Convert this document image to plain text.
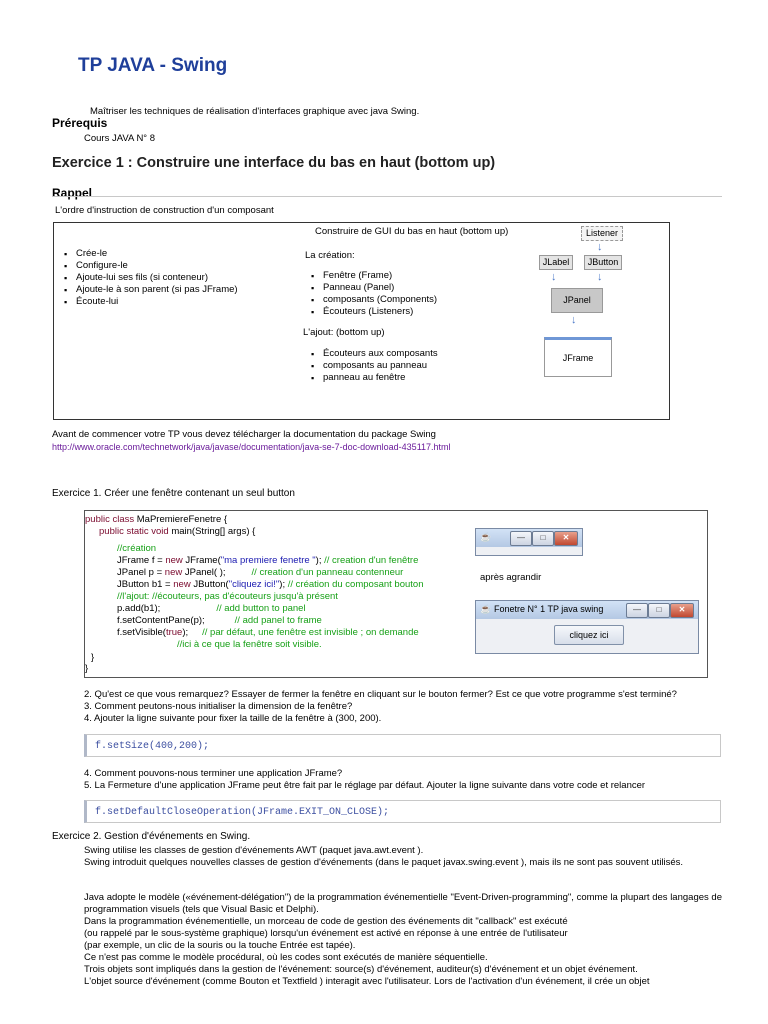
TP JAVA - Swing
Maîtriser les techniques de réalisation d'interfaces graphique avec java Swing.
Prérequis
Cours JAVA N° 8
Exercice 1 : Construire une interface du bas en haut (bottom up)
Rappel
L'ordre d'instruction de construction d'un composant
Construire de GUI du bas en haut (bottom up)
▪ Crée-le
▪ Configure-le
▪ Ajoute-lui ses fils (si conteneur)
▪ Ajoute-le à son parent (si pas JFrame)
▪ Écoute-lui
La création:
▪ Fenêtre (Frame)
▪ Panneau (Panel)
▪ composants (Components)
▪ Écouteurs (Listeners)
L'ajout: (bottom up)
▪ Écouteurs aux composants
▪ composants au panneau
▪ panneau au fenêtre
Listener
↓
JLabel	JButton
↓	↓
JPanel
↓
JFrame
Avant de commencer votre TP vous devez télécharger la documentation du package Swing
http://www.oracle.com/technetwork/java/javase/documentation/java-se-7-doc-download-435117.html
Exercice 1. Créer une fenêtre contenant un seul button
public class MaPremiereFenetre {
public static void main(String[] args) {
//création
JFrame f = new JFrame("ma premiere fenetre "); // creation d'un fenêtre
JPanel p = new JPanel( );	// creation d'un panneau contenneur
JButton b1 = new JButton("cliquez ici!"); // création du composant bouton
//l'ajout: //écouteurs, pas d'écouteurs jusqu'à présent
p.add(b1);	// add button to panel
f.setContentPane(p);	// add panel to frame
f.setVisible(true); // par défaut, une fenêtre est invisible ; on demande
//ici à ce que la fenêtre soit visible.
}
}
☕	—	□	✕
après agrandir
☕ Fonetre N° 1 TP java swing	—	□	✕
cliquez ici
2. Qu'est ce que vous remarquez? Essayer de fermer la fenêtre en cliquant sur le bouton fermer? Est ce que votre programme s'est terminé?
3. Comment peutons-nous initialiser la dimension de la fenêtre?
4. Ajouter la ligne suivante pour fixer la taille de la fenêtre à (300, 200).
f.setSize(400,200);
4. Comment pouvons-nous terminer une application JFrame?
5. La Fermeture d'une application JFrame peut être fait par le réglage par défaut. Ajouter la ligne suivante dans votre code et relancer
f.setDefaultCloseOperation(JFrame.EXIT_ON_CLOSE);
Exercice 2. Gestion d'événements en Swing.
Swing utilise les classes de gestion d'événements AWT (paquet java.awt.event ).
Swing introduit quelques nouvelles classes de gestion d'événements (dans le paquet javax.swing.event ), mais ils ne sont pas souvent utilisés.
Java adopte le modèle («événement-délégation") de la programmation événementielle "Event-Driven-programming", comme la plupart des langages de programmation visuels (tels que Visual Basic et Delphi).
Dans la programmation événementielle, un morceau de code de gestion des événements dit "callback" est exécuté
(ou rappelé par le sous-système graphique) lorsqu'un événement est activé en réponse à une entrée de l'utilisateur
(par exemple, un clic de la souris ou la touche Entrée est tapée).
Ce n'est pas comme le modèle procédural, où les codes sont exécutés de manière séquentielle.
Trois objets sont impliqués dans la gestion de l'événement: source(s) d'événement, auditeur(s) d'événement et un objet événement.
L'objet source d'événement (comme Bouton et Textfield ) interagit avec l'utilisateur. Lors de l'activation d'un événement, il crée un objet
